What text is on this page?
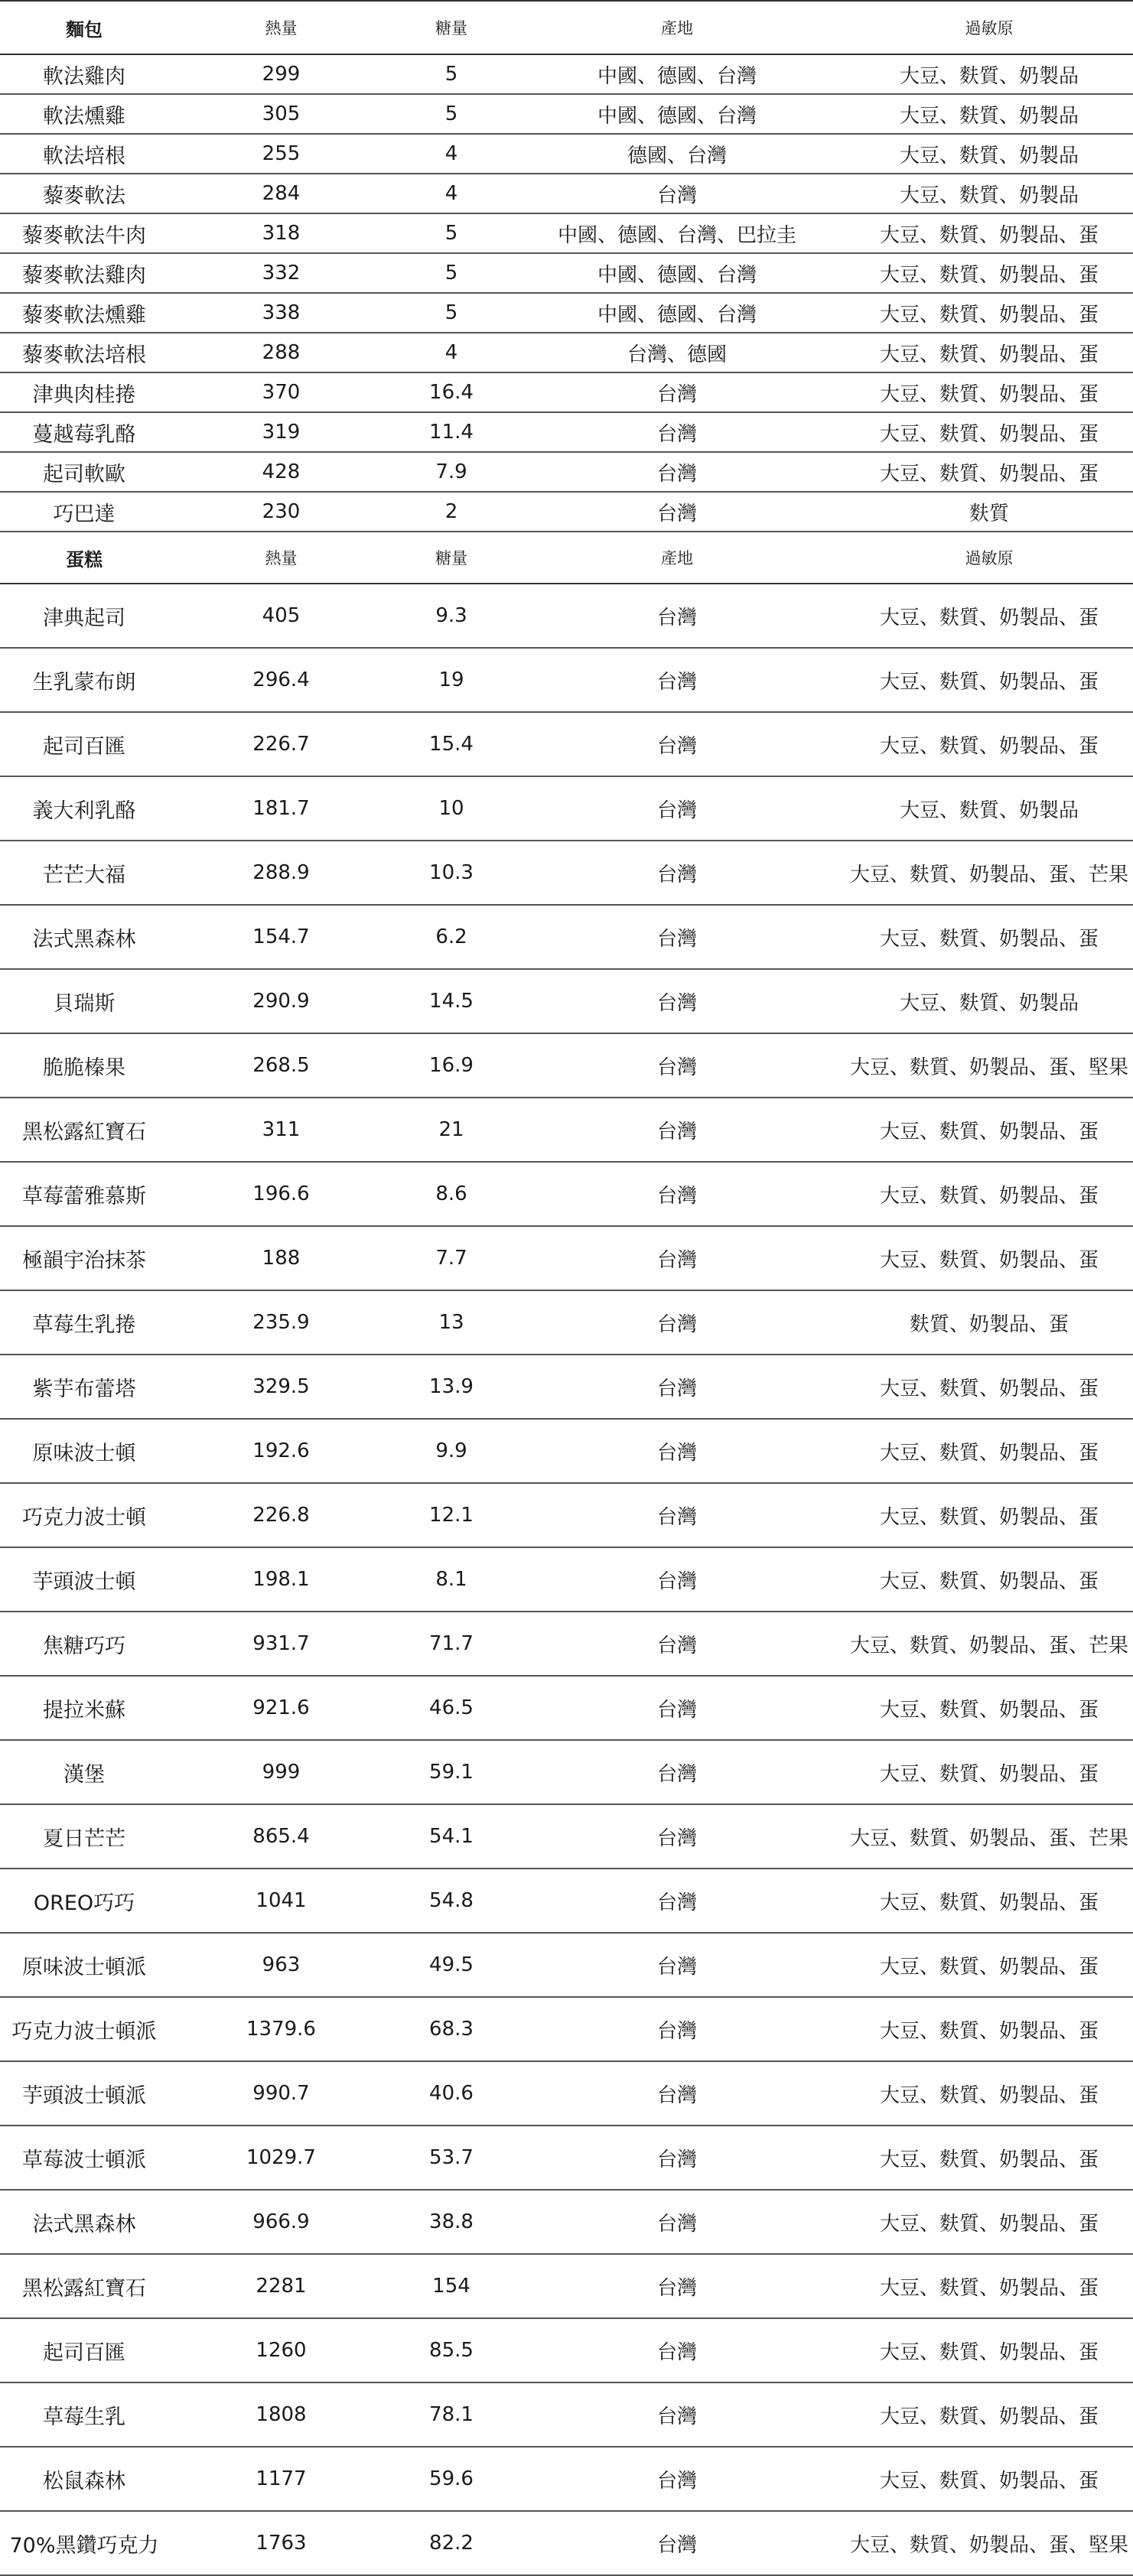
麵包	熱量	糖量	產地	過敏原
軟法雞肉	299	5	中國、德國、台灣	大豆、麩質、奶製品
軟法燻雞	305	5	中國、德國、台灣	大豆、麩質、奶製品
軟法培根	255	4	德國、台灣	大豆、麩質、奶製品
藜麥軟法	284	4	台灣	大豆、麩質、奶製品
藜麥軟法牛肉	318	5	中國、德國、台灣、巴拉圭	大豆、麩質、奶製品、蛋
藜麥軟法雞肉	332	5	中國、德國、台灣	大豆、麩質、奶製品、蛋
藜麥軟法燻雞	338	5	中國、德國、台灣	大豆、麩質、奶製品、蛋
藜麥軟法培根	288	4	台灣、德國	大豆、麩質、奶製品、蛋
津典肉桂捲	370	16.4	台灣	大豆、麩質、奶製品、蛋
蔓越莓乳酪	319	11.4	台灣	大豆、麩質、奶製品、蛋
起司軟歐	428	7.9	台灣	大豆、麩質、奶製品、蛋
巧巴達	230	2	台灣	麩質
蛋糕	熱量	糖量	產地	過敏原
津典起司	405	9.3	台灣	大豆、麩質、奶製品、蛋
生乳蒙布朗	296.4	19	台灣	大豆、麩質、奶製品、蛋
起司百匯	226.7	15.4	台灣	大豆、麩質、奶製品、蛋
義大利乳酪	181.7	10	台灣	大豆、麩質、奶製品
芒芒大福	288.9	10.3	台灣	大豆、麩質、奶製品、蛋、芒果
法式黑森林	154.7	6.2	台灣	大豆、麩質、奶製品、蛋
貝瑞斯	290.9	14.5	台灣	大豆、麩質、奶製品
脆脆榛果	268.5	16.9	台灣	大豆、麩質、奶製品、蛋、堅果
黑松露紅寶石	311	21	台灣	大豆、麩質、奶製品、蛋
草莓蕾雅慕斯	196.6	8.6	台灣	大豆、麩質、奶製品、蛋
極韻宇治抹茶	188	7.7	台灣	大豆、麩質、奶製品、蛋
草莓生乳捲	235.9	13	台灣	麩質、奶製品、蛋
紫芋布蕾塔	329.5	13.9	台灣	大豆、麩質、奶製品、蛋
原味波士頓	192.6	9.9	台灣	大豆、麩質、奶製品、蛋
巧克力波士頓	226.8	12.1	台灣	大豆、麩質、奶製品、蛋
芋頭波士頓	198.1	8.1	台灣	大豆、麩質、奶製品、蛋
焦糖巧巧	931.7	71.7	台灣	大豆、麩質、奶製品、蛋、芒果
提拉米蘇	921.6	46.5	台灣	大豆、麩質、奶製品、蛋
漢堡	999	59.1	台灣	大豆、麩質、奶製品、蛋
夏日芒芒	865.4	54.1	台灣	大豆、麩質、奶製品、蛋、芒果
OREO巧巧	1041	54.8	台灣	大豆、麩質、奶製品、蛋
原味波士頓派	963	49.5	台灣	大豆、麩質、奶製品、蛋
巧克力波士頓派	1379.6	68.3	台灣	大豆、麩質、奶製品、蛋
芋頭波士頓派	990.7	40.6	台灣	大豆、麩質、奶製品、蛋
草莓波士頓派	1029.7	53.7	台灣	大豆、麩質、奶製品、蛋
法式黑森林	966.9	38.8	台灣	大豆、麩質、奶製品、蛋
黑松露紅寶石	2281	154	台灣	大豆、麩質、奶製品、蛋
起司百匯	1260	85.5	台灣	大豆、麩質、奶製品、蛋
草莓生乳	1808	78.1	台灣	大豆、麩質、奶製品、蛋
松鼠森林	1177	59.6	台灣	大豆、麩質、奶製品、蛋
70%黑鑽巧克力	1763	82.2	台灣	大豆、麩質、奶製品、蛋、堅果
